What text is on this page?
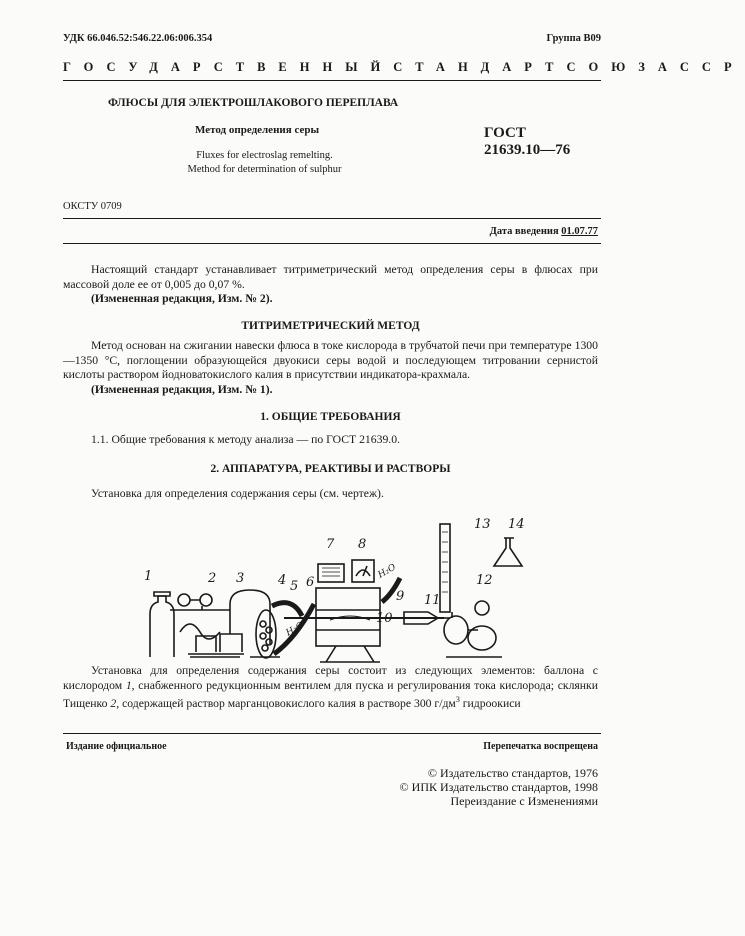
УДК 66.046.52:546.22.06:006.354	Группа В09
ГОСУДАРСТВЕННЫЙ СТАНДАРТ СОЮЗА ССР
ФЛЮСЫ ДЛЯ ЭЛЕКТРОШЛАКОВОГО ПЕРЕПЛАВА
Метод определения серы
Fluxes for electroslag remelting.
Method for determination of sulphur
ГОСТ
21639.10—76
ОКСТУ 0709
Дата введения 01.07.77
Настоящий стандарт устанавливает титриметрический метод определения серы в флюсах при массовой доле ее от 0,005 до 0,07 %.
(Измененная редакция, Изм. № 2).
ТИТРИМЕТРИЧЕСКИЙ МЕТОД
Метод основан на сжигании навески флюса в токе кислорода в трубчатой печи при температуре 1300—1350 °С, поглощении образующейся двуокиси серы водой и последующем титровании сернистой кислоты раствором йодноватокислого калия в присутствии индикатора-крахмала.
(Измененная редакция, Изм. № 1).
1. ОБЩИЕ ТРЕБОВАНИЯ
1.1. Общие требования к методу анализа — по ГОСТ 21639.0.
2. АППАРАТУРА, РЕАКТИВЫ И РАСТВОРЫ
Установка для определения содержания серы (см. чертеж).
1	2 3	4 5 6
7 8
9
10
11
12
13 14
H₂O
H₂O
Установка для определения содержания серы состоит из следующих элементов: баллона с кислородом 1, снабженного редукционным вентилем для пуска и регулирования тока кислорода; склянки Тищенко 2, содержащей раствор марганцовокислого калия в растворе 300 $г/дм^3$ гидроокиси
Издание официальное	Перепечатка воспрещена
© Издательство стандартов, 1976
© ИПК Издательство стандартов, 1998
Переиздание с Изменениями
